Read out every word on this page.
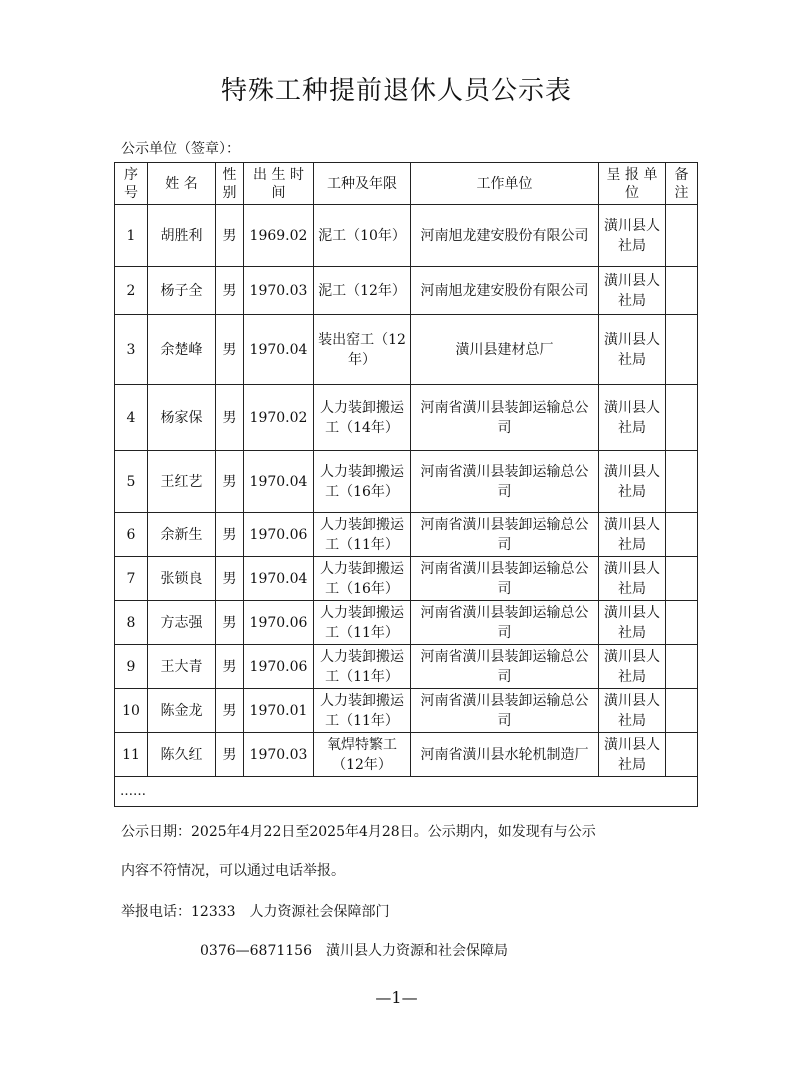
特殊工种提前退休人员公示表
公示单位（签章）：
序号	姓 名	性别	出 生 时 间	工种及年限	工作单位	呈 报 单 位	备注
1	胡胜利	男	1969.02	泥工（10年）	河南旭龙建安股份有限公司	潢川县人社局	
2	杨子全	男	1970.03	泥工（12年）	河南旭龙建安股份有限公司	潢川县人社局	
3	余楚峰	男	1970.04	装出窑工（12年）	潢川县建材总厂	潢川县人社局	
4	杨家保	男	1970.02	人力装卸搬运工（14年）	河南省潢川县装卸运输总公司	潢川县人社局	
5	王红艺	男	1970.04	人力装卸搬运工（16年）	河南省潢川县装卸运输总公司	潢川县人社局	
6	余新生	男	1970.06	人力装卸搬运工（11年）	河南省潢川县装卸运输总公司	潢川县人社局	
7	张锁良	男	1970.04	人力装卸搬运工（16年）	河南省潢川县装卸运输总公司	潢川县人社局	
8	方志强	男	1970.06	人力装卸搬运工（11年）	河南省潢川县装卸运输总公司	潢川县人社局	
9	王大青	男	1970.06	人力装卸搬运工（11年）	河南省潢川县装卸运输总公司	潢川县人社局	
10	陈金龙	男	1970.01	人力装卸搬运工（11年）	河南省潢川县装卸运输总公司	潢川县人社局	
11	陈久红	男	1970.03	氧焊特繁工（12年）	河南省潢川县水轮机制造厂	潢川县人社局	
……							
公示日期：2025年4月22日至2025年4月28日。公示期内，如发现有与公示
内容不符情况，可以通过电话举报。
举报电话：12333　人力资源社会保障部门
0376—6871156　潢川县人力资源和社会保障局
—1—
